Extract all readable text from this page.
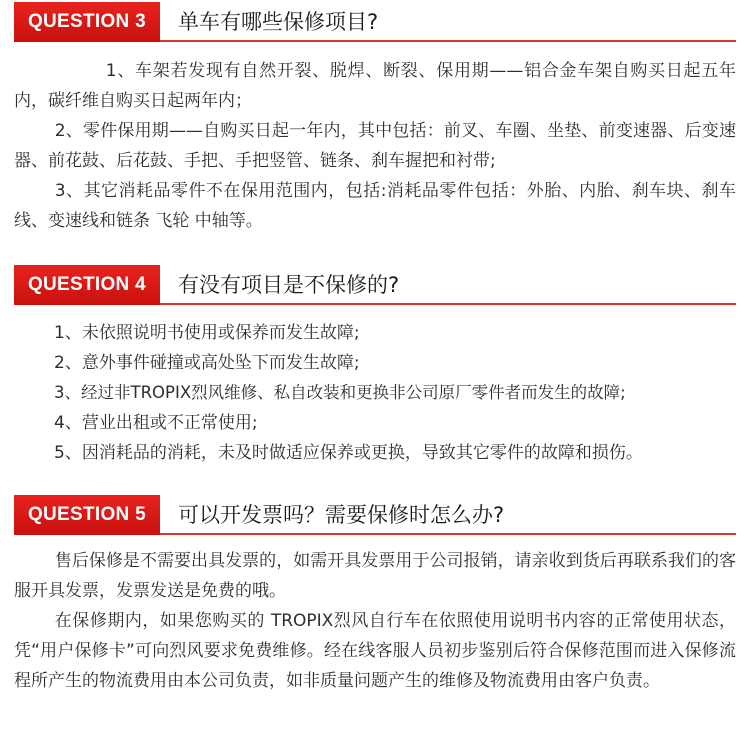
QUESTION 3	单车有哪些保修项目?

1、车架若发现有自然开裂、脱焊、断裂、保用期——铝合金车架自购买日起五年内，碳纤维自购买日起两年内；

2、零件保用期——自购买日起一年内，其中包括：前叉、车圈、坐垫、前变速器、后变速器、前花鼓、后花鼓、手把、手把竖管、链条、刹车握把和衬带;

3、其它消耗品零件不在保用范围内，包括:消耗品零件包括：外胎、内胎、刹车块、刹车线、变速线和链条 飞轮 中轴等。

QUESTION 4	有没有项目是不保修的?

1、未依照说明书使用或保养而发生故障;

2、意外事件碰撞或高处坠下而发生故障;

3、经过非TROPIX烈风维修、私自改装和更换非公司原厂零件者而发生的故障;

4、营业出租或不正常使用;

5、因消耗品的消耗，未及时做适应保养或更换，导致其它零件的故障和损伤。

QUESTION 5	可以开发票吗？需要保修时怎么办?

售后保修是不需要出具发票的，如需开具发票用于公司报销，请亲收到货后再联系我们的客服开具发票，发票发送是免费的哦。

在保修期内，如果您购买的 TROPIX烈风自行车在依照使用说明书内容的正常使用状态，凭“用户保修卡”可向烈风要求免费维修。经在线客服人员初步鉴别后符合保修范围而进入保修流程所产生的物流费用由本公司负责，如非质量问题产生的维修及物流费用由客户负责。
